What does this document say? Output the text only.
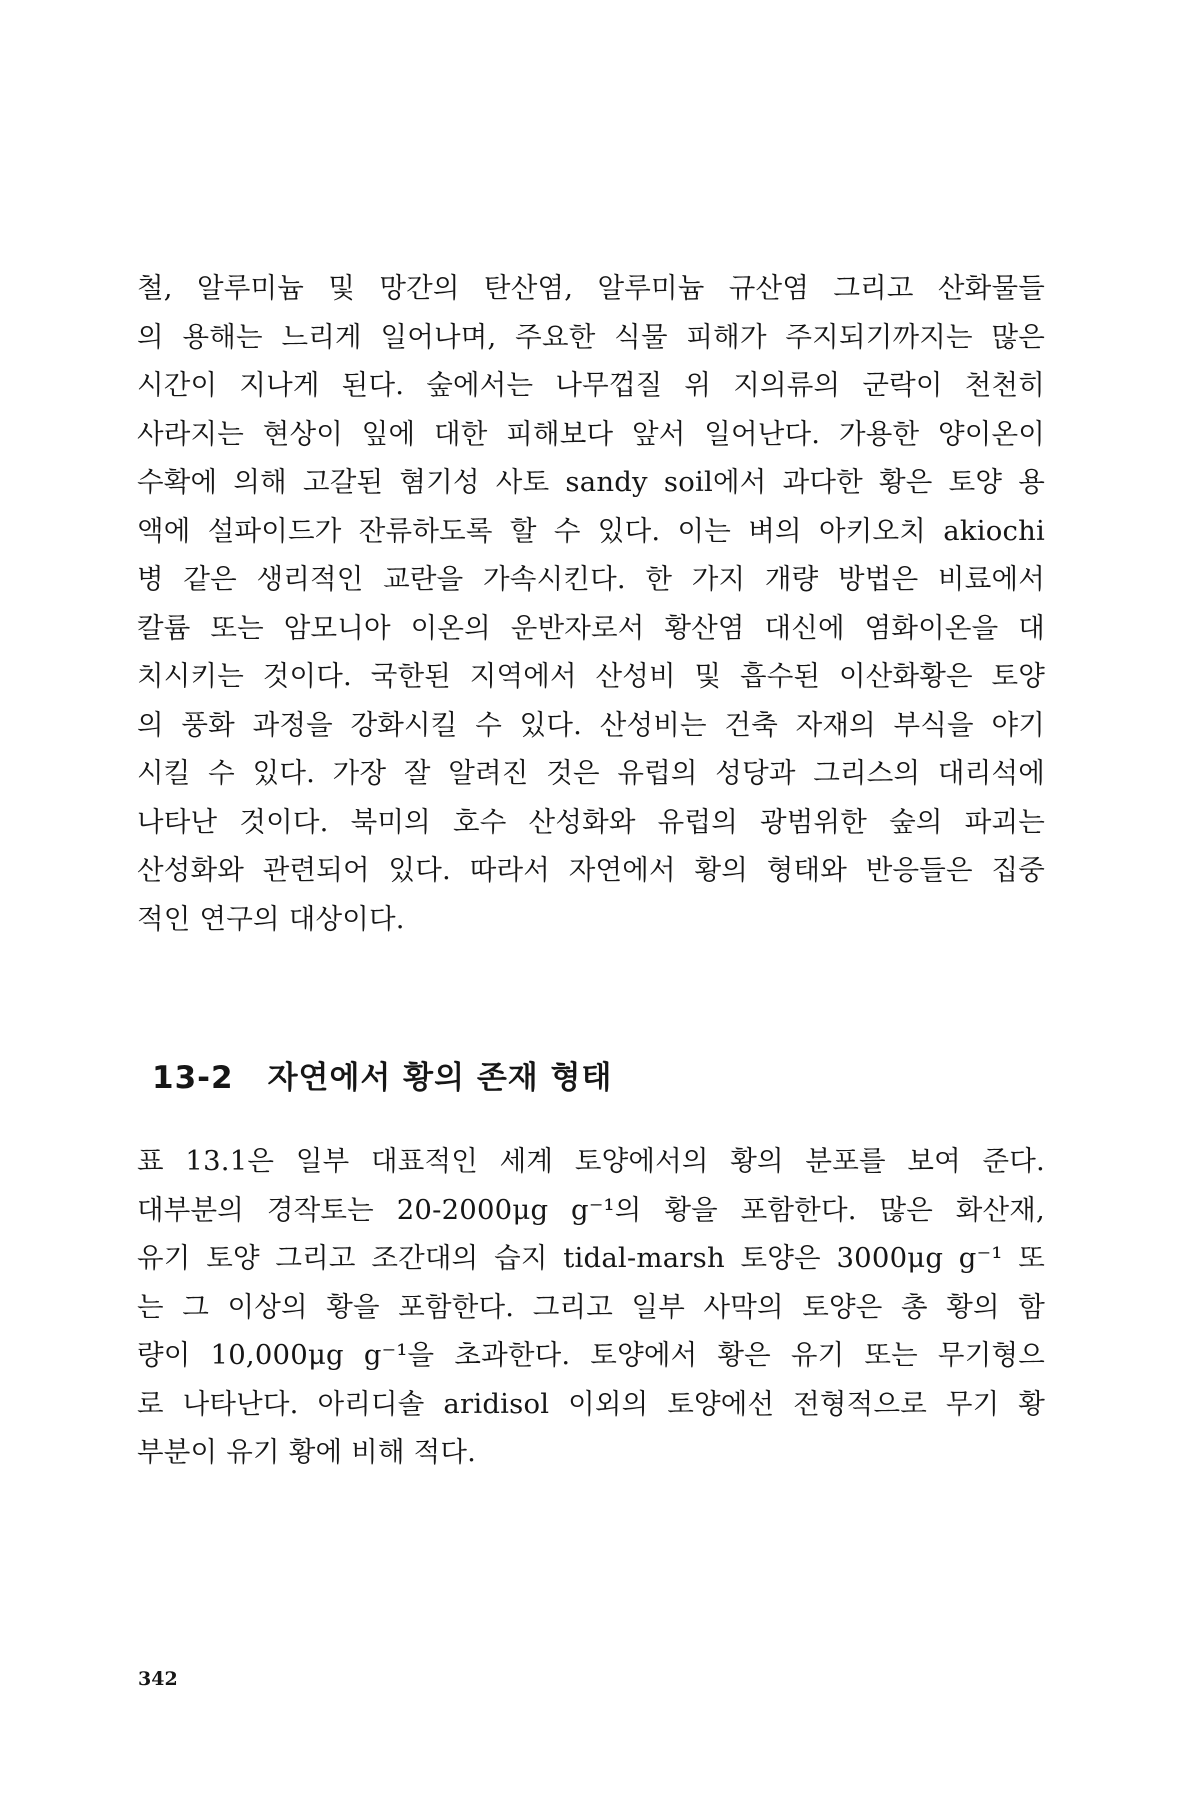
철, 알루미늄 및 망간의 탄산염, 알루미늄 규산염 그리고 산화물들
의 용해는 느리게 일어나며, 주요한 식물 피해가 주지되기까지는 많은
시간이 지나게 된다. 숲에서는 나무껍질 위 지의류의 군락이 천천히
사라지는 현상이 잎에 대한 피해보다 앞서 일어난다. 가용한 양이온이
수확에 의해 고갈된 혐기성 사토 sandy soil에서 과다한 황은 토양 용
액에 설파이드가 잔류하도록 할 수 있다. 이는 벼의 아키오치 akiochi
병 같은 생리적인 교란을 가속시킨다. 한 가지 개량 방법은 비료에서
칼륨 또는 암모니아 이온의 운반자로서 황산염 대신에 염화이온을 대
치시키는 것이다. 국한된 지역에서 산성비 및 흡수된 이산화황은 토양
의 풍화 과정을 강화시킬 수 있다. 산성비는 건축 자재의 부식을 야기
시킬 수 있다. 가장 잘 알려진 것은 유럽의 성당과 그리스의 대리석에
나타난 것이다. 북미의 호수 산성화와 유럽의 광범위한 숲의 파괴는
산성화와 관련되어 있다. 따라서 자연에서 황의 형태와 반응들은 집중
적인 연구의 대상이다.
13-2 자연에서 황의 존재 형태
표 13.1은 일부 대표적인 세계 토양에서의 황의 분포를 보여 준다.
대부분의 경작토는 20-2000μg g⁻¹의 황을 포함한다. 많은 화산재,
유기 토양 그리고 조간대의 습지 tidal-marsh 토양은 3000μg g⁻¹ 또
는 그 이상의 황을 포함한다. 그리고 일부 사막의 토양은 총 황의 함
량이 10,000μg g⁻¹을 초과한다. 토양에서 황은 유기 또는 무기형으
로 나타난다. 아리디솔 aridisol 이외의 토양에선 전형적으로 무기 황
부분이 유기 황에 비해 적다.
342
